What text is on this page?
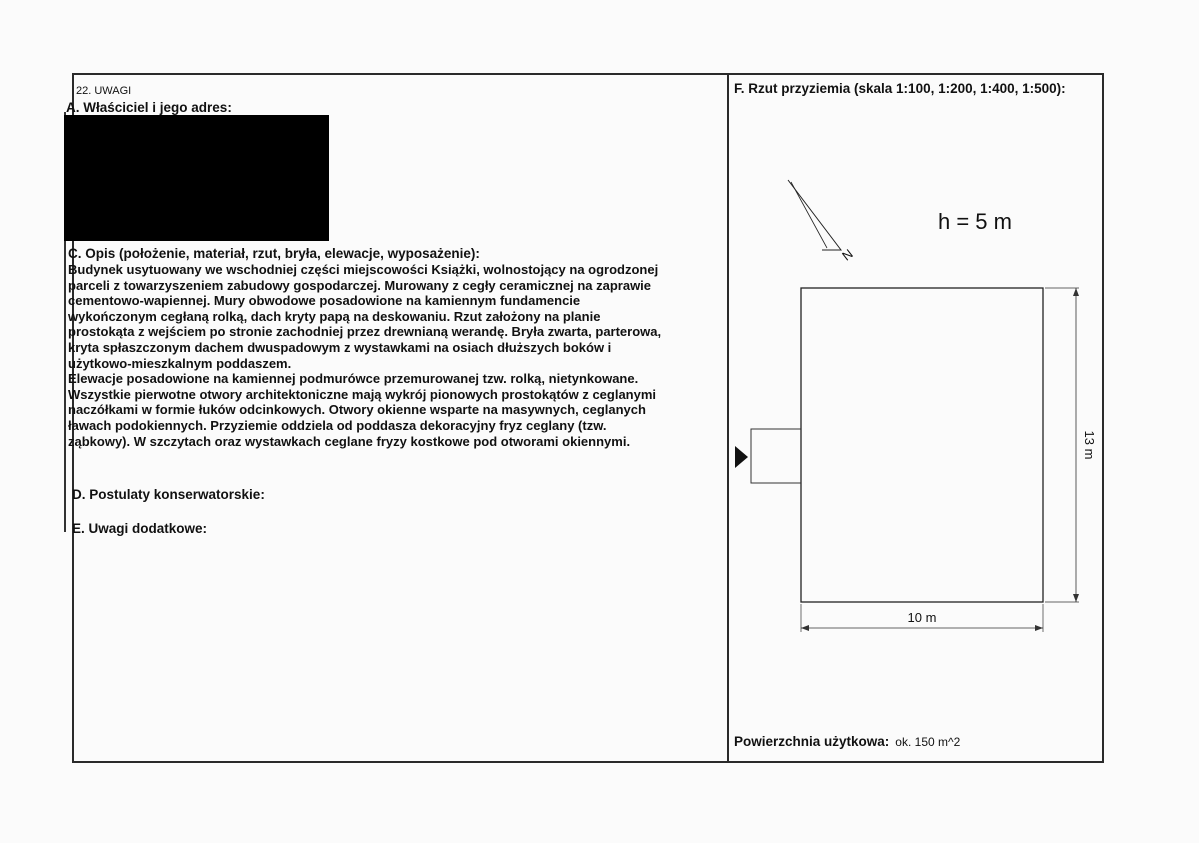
22. UWAGI
A. Właściciel i jego adres:
C. Opis (położenie, materiał, rzut, bryła, elewacje, wyposażenie):
Budynek usytuowany we wschodniej części miejscowości Książki, wolnostojący na ogrodzonej
parceli z towarzyszeniem zabudowy gospodarczej. Murowany z cegły ceramicznej na zaprawie
cementowo-wapiennej. Mury obwodowe posadowione na kamiennym fundamencie
wykończonym cegłaną rolką, dach kryty papą na deskowaniu. Rzut założony na planie
prostokąta z wejściem po stronie zachodniej przez drewnianą werandę. Bryła zwarta, parterowa,
kryta spłaszczonym dachem dwuspadowym z wystawkami na osiach dłuższych boków i
użytkowo-mieszkalnym poddaszem.
Elewacje posadowione na kamiennej podmurówce przemurowanej tzw. rolką, nietynkowane.
Wszystkie pierwotne otwory architektoniczne mają wykrój pionowych prostokątów z ceglanymi
naczółkami w formie łuków odcinkowych. Otwory okienne wsparte na masywnych, ceglanych
ławach podokiennych. Przyziemie oddziela od poddasza dekoracyjny fryz ceglany (tzw.
ząbkowy). W szczytach oraz wystawkach ceglane fryzy kostkowe pod otworami okiennymi.
D. Postulaty konserwatorskie:
E. Uwagi dodatkowe:
F. Rzut przyziemia (skala 1:100, 1:200, 1:400, 1:500):
h = 5 m
N
13 m
10 m
Powierzchnia użytkowa: ok. 150 m^2
